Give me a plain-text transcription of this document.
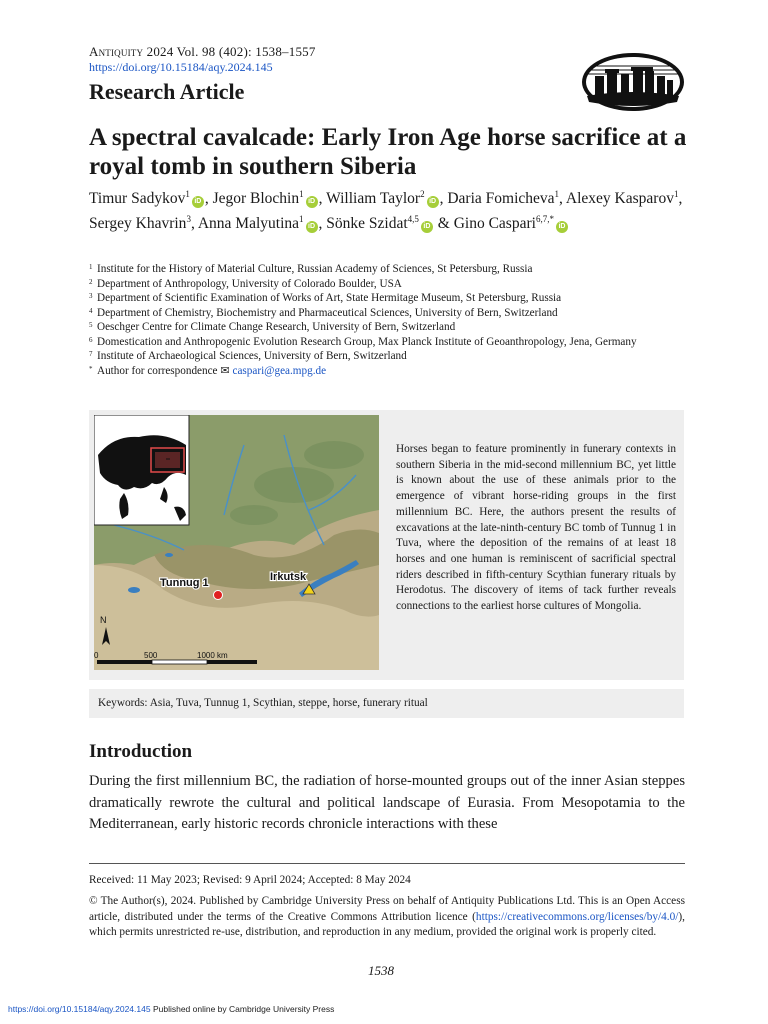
Antiquity 2024 Vol. 98 (402): 1538–1557
https://doi.org/10.15184/aqy.2024.145
Research Article
A spectral cavalcade: Early Iron Age horse sacrifice at a royal tomb in southern Siberia
Timur Sadykov$^1$iD , Jegor Blochin$^1$iD , William Taylor$^2$iD , Daria Fomicheva$^1$, Alexey Kasparov$^1$, Sergey Khavrin$^3$, Anna Malyutina$^1$iD , Sönke Szidat$^{4,5}$iD & Gino Caspari$^{6,7,*}$iD
1 Institute for the History of Material Culture, Russian Academy of Sciences, St Petersburg, Russia
2 Department of Anthropology, University of Colorado Boulder, USA
3 Department of Scientific Examination of Works of Art, State Hermitage Museum, St Petersburg, Russia
4 Department of Chemistry, Biochemistry and Pharmaceutical Sciences, University of Bern, Switzerland
5 Oeschger Centre for Climate Change Research, University of Bern, Switzerland
6 Domestication and Anthropogenic Evolution Research Group, Max Planck Institute of Geoanthropology, Jena, Germany
7 Institute of Archaeological Sciences, University of Bern, Switzerland
* Author for correspondence ✉ caspari@gea.mpg.de
N
Tunnug 1	Irkutsk
0	500	1000 km
Horses began to feature prominently in funerary contexts in southern Siberia in the mid-second millennium BC, yet little is known about the use of these animals prior to the emergence of vibrant horse-riding groups in the first millennium BC. Here, the authors present the results of excavations at the late-ninth-century BC tomb of Tunnug 1 in Tuva, where the deposition of the remains of at least 18 horses and one human is reminiscent of sacrificial spectral riders described in fifth-century Scythian funerary rituals by Herodotus. The discovery of items of tack further reveals connections to the earliest horse cultures of Mongolia.
Keywords: Asia, Tuva, Tunnug 1, Scythian, steppe, horse, funerary ritual
Introduction
During the first millennium BC, the radiation of horse-mounted groups out of the inner Asian steppes dramatically rewrote the cultural and political landscape of Eurasia. From Mesopotamia to the Mediterranean, early historic records chronicle interactions with these
Received: 11 May 2023; Revised: 9 April 2024; Accepted: 8 May 2024
© The Author(s), 2024. Published by Cambridge University Press on behalf of Antiquity Publications Ltd. This is an Open Access article, distributed under the terms of the Creative Commons Attribution licence (https://creativecommons.org/licenses/by/4.0/), which permits unrestricted re-use, distribution, and reproduction in any medium, provided the original work is properly cited.
1538
https://doi.org/10.15184/aqy.2024.145 Published online by Cambridge University Press
